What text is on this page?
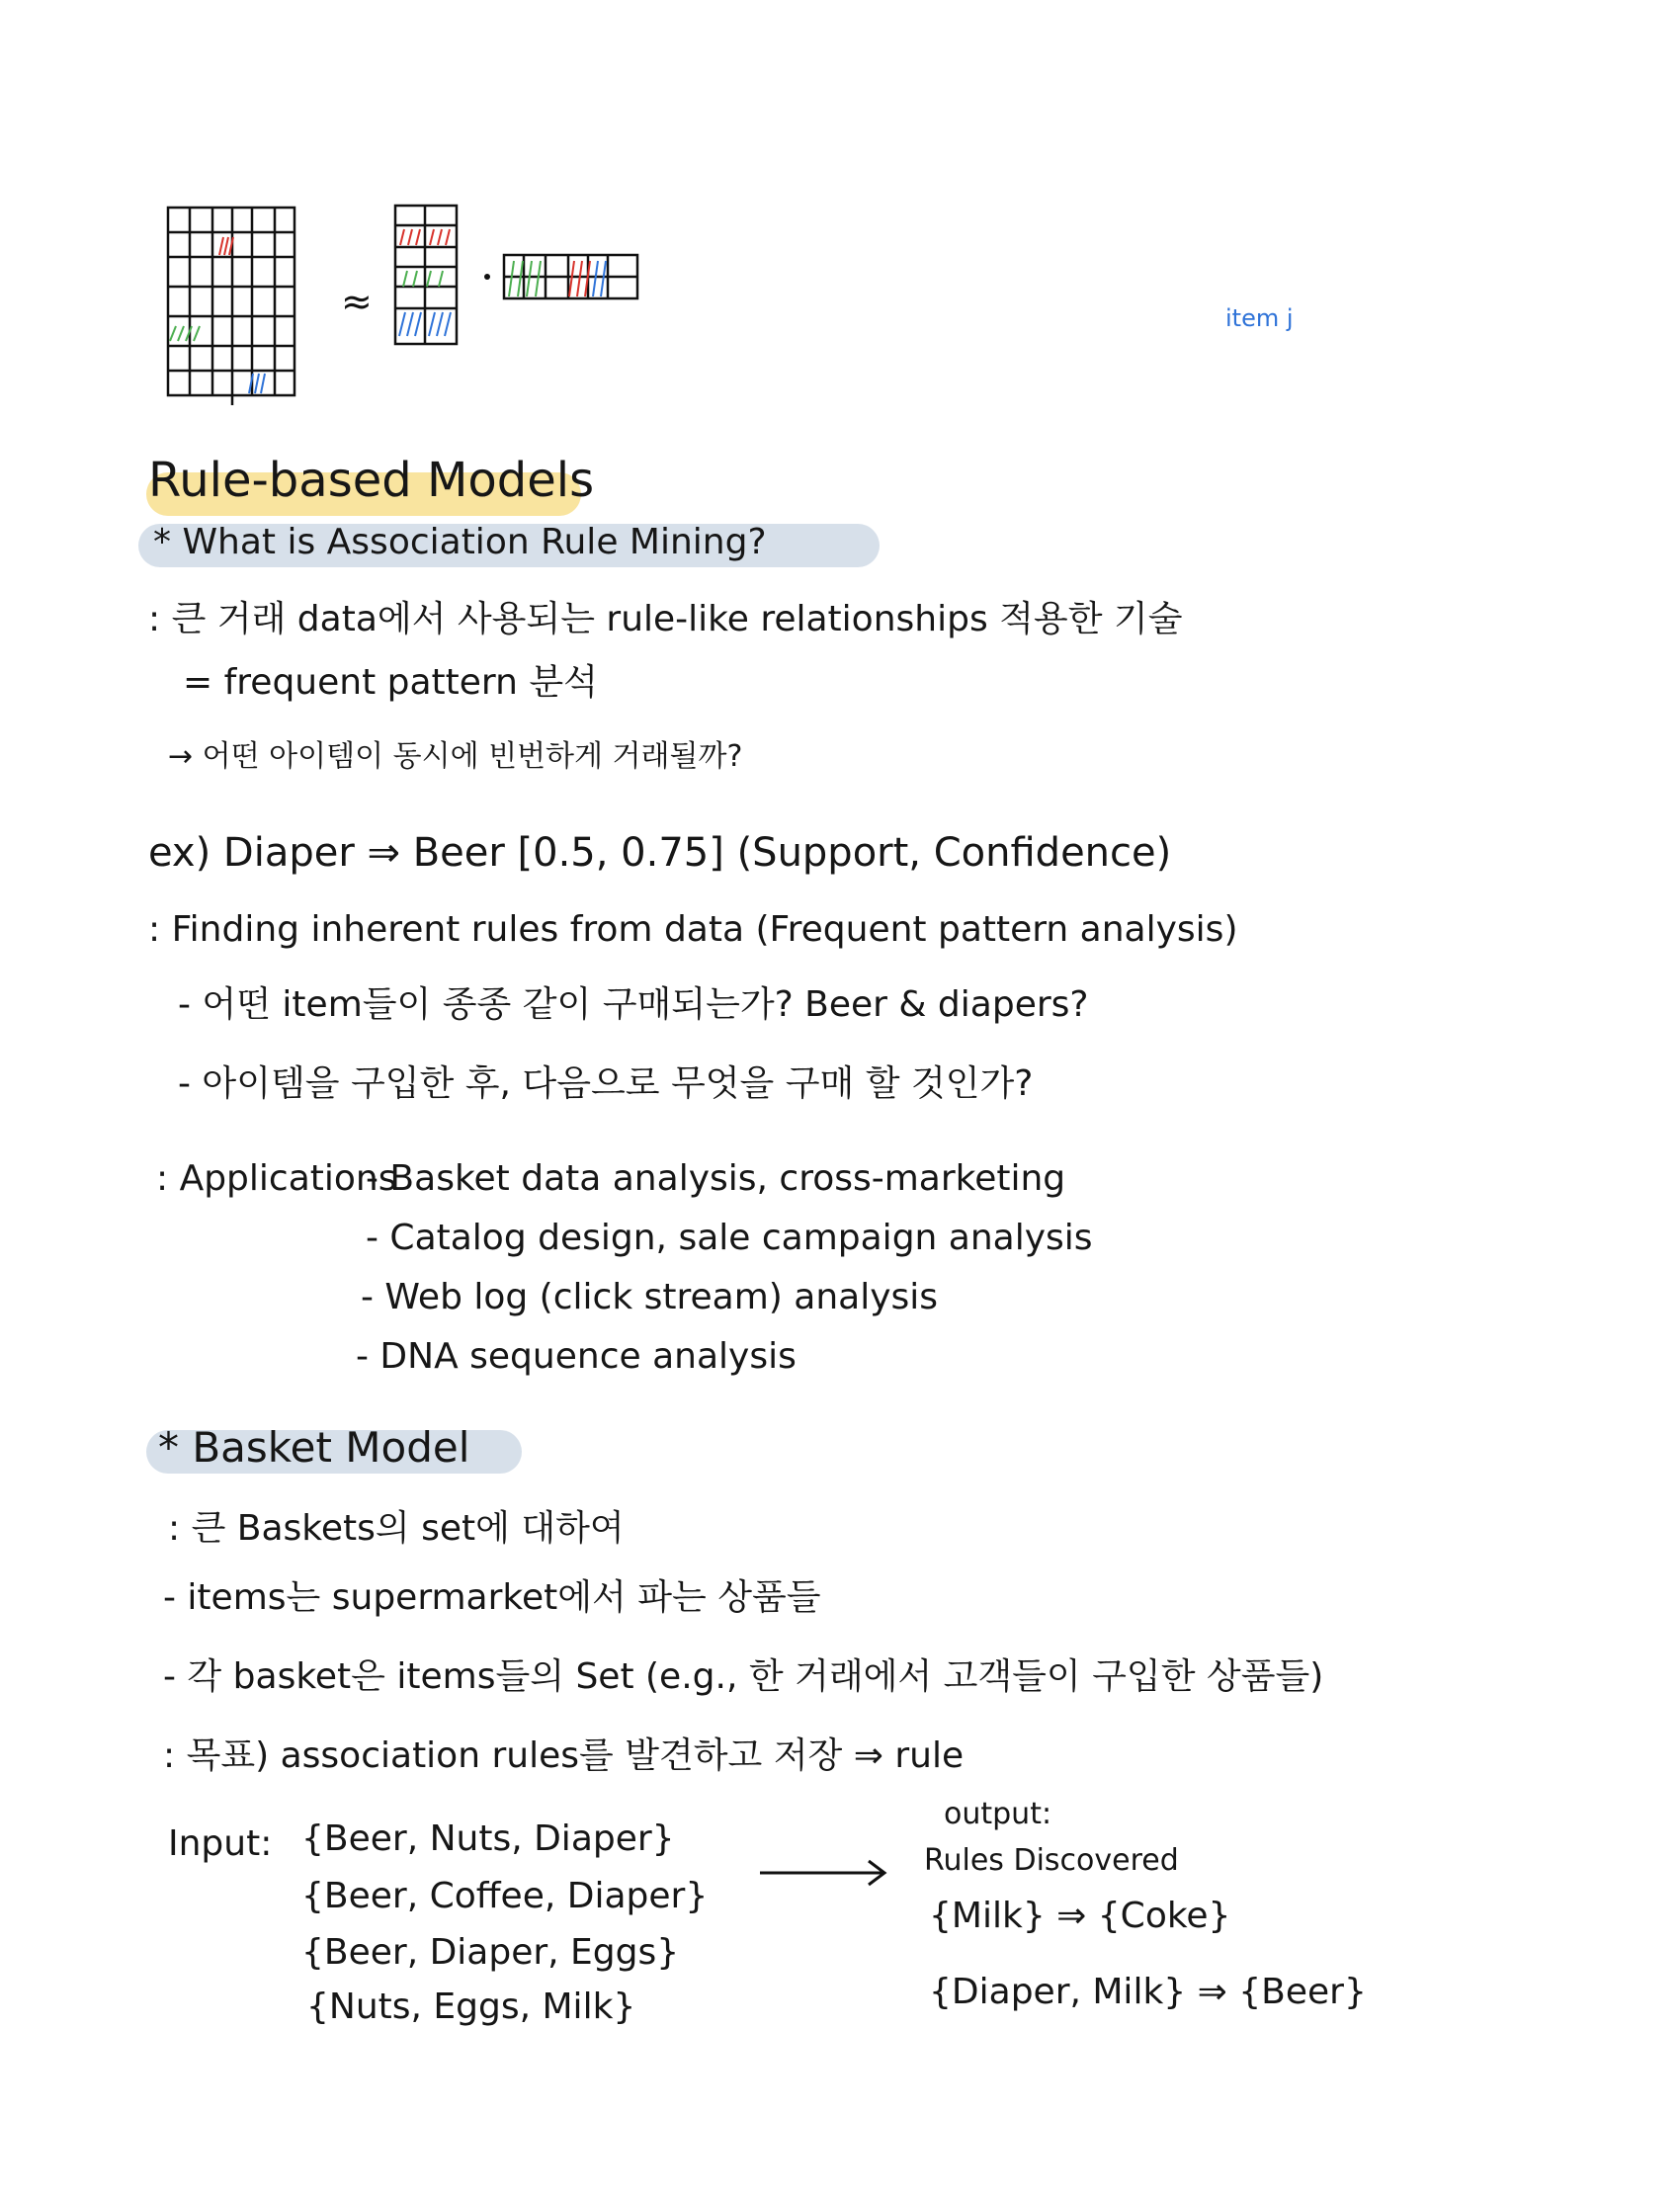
item j
≈
Rule-based Models
* What is Association Rule Mining?
: 큰 거래 data에서 사용되는 rule-like relationships 적용한 기술
= frequent pattern 분석
→ 어떤 아이템이 동시에 빈번하게 거래될까?
ex) Diaper ⇒ Beer [0.5, 0.75] (Support, Confidence)
: Finding inherent rules from data (Frequent pattern analysis)
- 어떤 item들이 종종 같이 구매되는가? Beer & diapers?
- 아이템을 구입한 후, 다음으로 무엇을 구매 할 것인가?
: Applications
- Basket data analysis, cross-marketing
- Catalog design, sale campaign analysis
- Web log (click stream) analysis
- DNA sequence analysis
* Basket Model
: 큰 Baskets의 set에 대하여
- items는 supermarket에서 파는 상품들
- 각 basket은 items들의 Set (e.g., 한 거래에서 고객들이 구입한 상품들)
: 목표) association rules를 발견하고 저장 ⇒ rule
Input: {Beer, Nuts, Diaper}
{Beer, Coffee, Diaper}
{Beer, Diaper, Eggs}
{Nuts, Eggs, Milk}
output:
Rules Discovered
{Milk} ⇒ {Coke}
{Diaper, Milk} ⇒ {Beer}
